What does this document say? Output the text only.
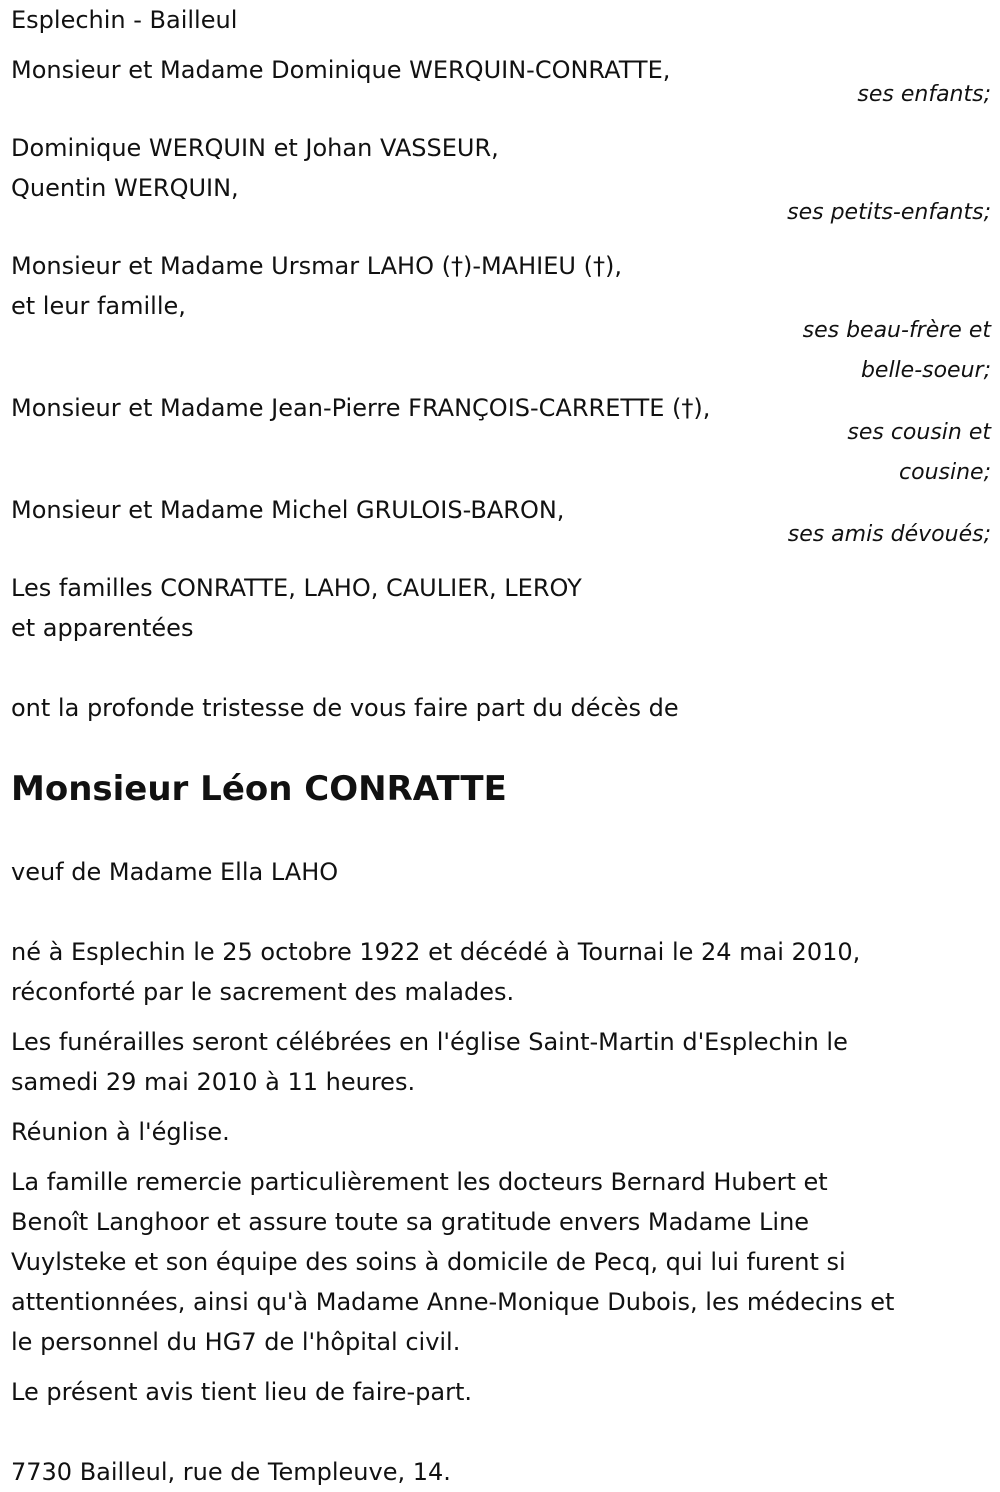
Esplechin - Bailleul
Monsieur et Madame Dominique WERQUIN-CONRATTE,
ses enfants;
Dominique WERQUIN et Johan VASSEUR,
Quentin WERQUIN,
ses petits-enfants;
Monsieur et Madame Ursmar LAHO (†)-MAHIEU (†),
et leur famille,
ses beau-frère et
belle-soeur;
Monsieur et Madame Jean-Pierre FRANÇOIS-CARRETTE (†),
ses cousin et
cousine;
Monsieur et Madame Michel GRULOIS-BARON,
ses amis dévoués;
Les familles CONRATTE, LAHO, CAULIER, LEROY
et apparentées
ont la profonde tristesse de vous faire part du décès de
Monsieur Léon CONRATTE
veuf de Madame Ella LAHO
né à Esplechin le 25 octobre 1922 et décédé à Tournai le 24 mai 2010,
réconforté par le sacrement des malades.
Les funérailles seront célébrées en l'église Saint-Martin d'Esplechin le
samedi 29 mai 2010 à 11 heures.
Réunion à l'église.
La famille remercie particulièrement les docteurs Bernard Hubert et
Benoît Langhoor et assure toute sa gratitude envers Madame Line
Vuylsteke et son équipe des soins à domicile de Pecq, qui lui furent si
attentionnées, ainsi qu'à Madame Anne-Monique Dubois, les médecins et
le personnel du HG7 de l'hôpital civil.
Le présent avis tient lieu de faire-part.
7730 Bailleul, rue de Templeuve, 14.
